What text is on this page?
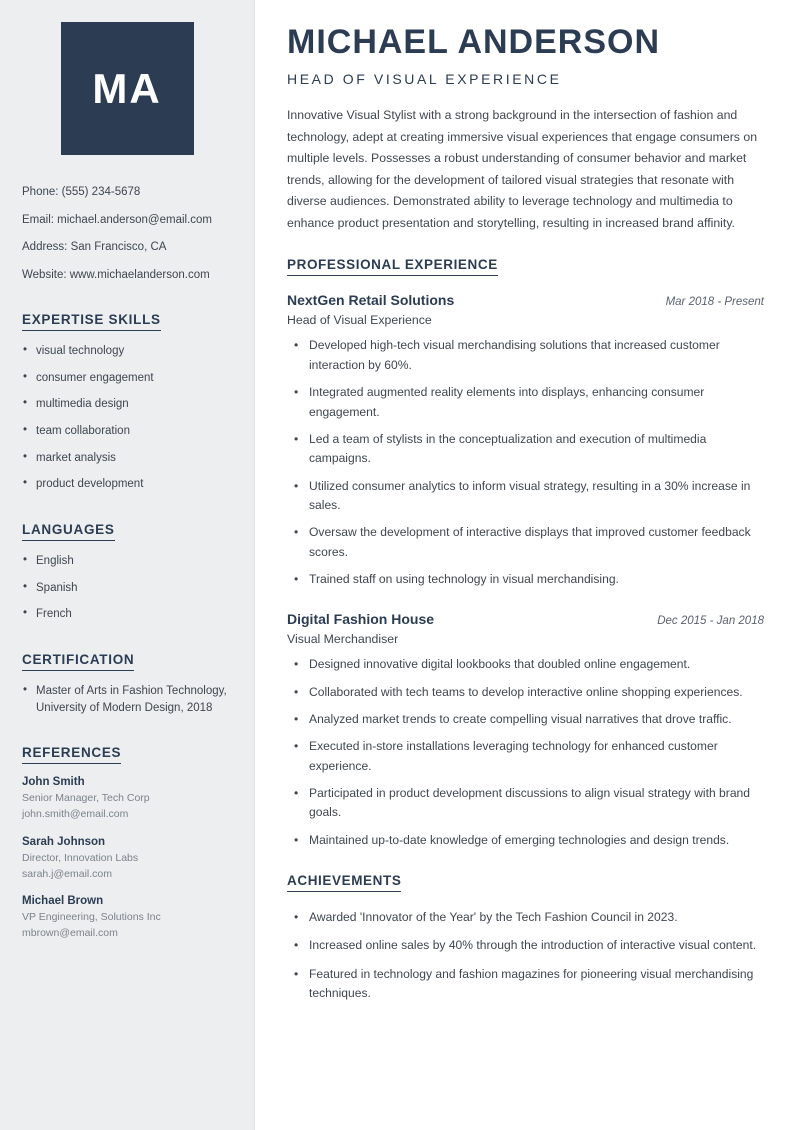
MA
Phone: (555) 234-5678
Email: michael.anderson@email.com
Address: San Francisco, CA
Website: www.michaelanderson.com
EXPERTISE SKILLS
• visual technology
• consumer engagement
• multimedia design
• team collaboration
• market analysis
• product development
LANGUAGES
• English
• Spanish
• French
CERTIFICATION
• Master of Arts in Fashion Technology, University of Modern Design, 2018
REFERENCES
John Smith
Senior Manager, Tech Corp
john.smith@email.com
Sarah Johnson
Director, Innovation Labs
sarah.j@email.com
Michael Brown
VP Engineering, Solutions Inc
mbrown@email.com
MICHAEL ANDERSON
HEAD OF VISUAL EXPERIENCE

Innovative Visual Stylist with a strong background in the intersection of fashion and technology, adept at creating immersive visual experiences that engage consumers on multiple levels. Possesses a robust understanding of consumer behavior and market trends, allowing for the development of tailored visual strategies that resonate with diverse audiences. Demonstrated ability to leverage technology and multimedia to enhance product presentation and storytelling, resulting in increased brand affinity.

PROFESSIONAL EXPERIENCE
NextGen Retail Solutions	Mar 2018 - Present
Head of Visual Experience
• Developed high-tech visual merchandising solutions that increased customer interaction by 60%.
• Integrated augmented reality elements into displays, enhancing consumer engagement.
• Led a team of stylists in the conceptualization and execution of multimedia campaigns.
• Utilized consumer analytics to inform visual strategy, resulting in a 30% increase in sales.
• Oversaw the development of interactive displays that improved customer feedback scores.
• Trained staff on using technology in visual merchandising.
Digital Fashion House	Dec 2015 - Jan 2018
Visual Merchandiser
• Designed innovative digital lookbooks that doubled online engagement.
• Collaborated with tech teams to develop interactive online shopping experiences.
• Analyzed market trends to create compelling visual narratives that drove traffic.
• Executed in-store installations leveraging technology for enhanced customer experience.
• Participated in product development discussions to align visual strategy with brand goals.
• Maintained up-to-date knowledge of emerging technologies and design trends.
ACHIEVEMENTS
• Awarded 'Innovator of the Year' by the Tech Fashion Council in 2023.
• Increased online sales by 40% through the introduction of interactive visual content.
• Featured in technology and fashion magazines for pioneering visual merchandising techniques.
